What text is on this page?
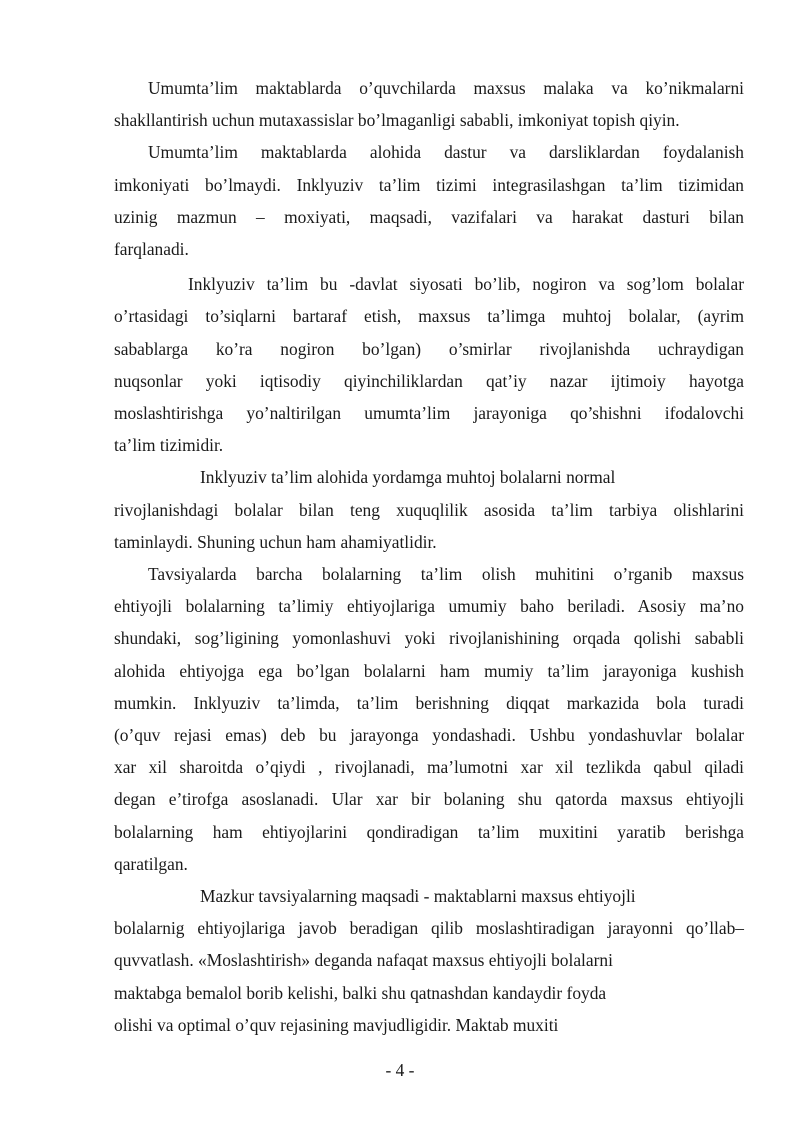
Umumta’lim maktablarda o’quvchilarda maxsus malaka va ko’nikmalarni
shakllantirish uchun mutaxassislar bo’lmaganligi sababli, imkoniyat topish qiyin.

Umumta’lim maktablarda alohida dastur va darsliklardan foydalanish
imkoniyati bo’lmaydi. Inklyuziv ta’lim tizimi integrasilashgan ta’lim tizimidan
uzinig mazmun – moxiyati, maqsadi, vazifalari va harakat dasturi bilan
farqlanadi.

Inklyuziv ta’lim bu -davlat siyosati bo’lib, nogiron va sog’lom bolalar
o’rtasidagi to’siqlarni bartaraf etish, maxsus ta’limga muhtoj bolalar, (ayrim
sabablarga ko’ra nogiron bo’lgan) o’smirlar rivojlanishda uchraydigan
nuqsonlar yoki iqtisodiy qiyinchiliklardan qat’iy nazar ijtimoiy hayotga
moslashtirishga yo’naltirilgan umumta’lim jarayoniga qo’shishni ifodalovchi
ta’lim tizimidir.

Inklyuziv ta’lim alohida yordamga muhtoj bolalarni normal
rivojlanishdagi bolalar bilan teng xuquqlilik asosida ta’lim tarbiya olishlarini
taminlaydi. Shuning uchun ham ahamiyatlidir.

Tavsiyalarda barcha bolalarning ta’lim olish muhitini o’rganib maxsus
ehtiyojli bolalarning ta’limiy ehtiyojlariga umumiy baho beriladi. Asosiy ma’no
shundaki, sog’ligining yomonlashuvi yoki rivojlanishining orqada qolishi sababli
alohida ehtiyojga ega bo’lgan bolalarni ham mumiy ta’lim jarayoniga kushish
mumkin. Inklyuziv ta’limda, ta’lim berishning diqqat markazida bola turadi
(o’quv rejasi emas) deb bu jarayonga yondashadi. Ushbu yondashuvlar bolalar
xar xil sharoitda o’qiydi , rivojlanadi, ma’lumotni xar xil tezlikda qabul qiladi
degan e’tirofga asoslanadi. Ular xar bir bolaning shu qatorda maxsus ehtiyojli
bolalarning ham ehtiyojlarini qondiradigan ta’lim muxitini yaratib berishga
qaratilgan.

Mazkur tavsiyalarning maqsadi - maktablarni maxsus ehtiyojli
bolalarnig ehtiyojlariga javob beradigan qilib moslashtiradigan jarayonni qo’llab–
quvvatlash. «Moslashtirish» deganda nafaqat maxsus ehtiyojli bolalarni
maktabga bemalol borib kelishi, balki shu qatnashdan kandaydir foyda
olishi va optimal o’quv rejasining mavjudligidir. Maktab muxiti

- 4 -
